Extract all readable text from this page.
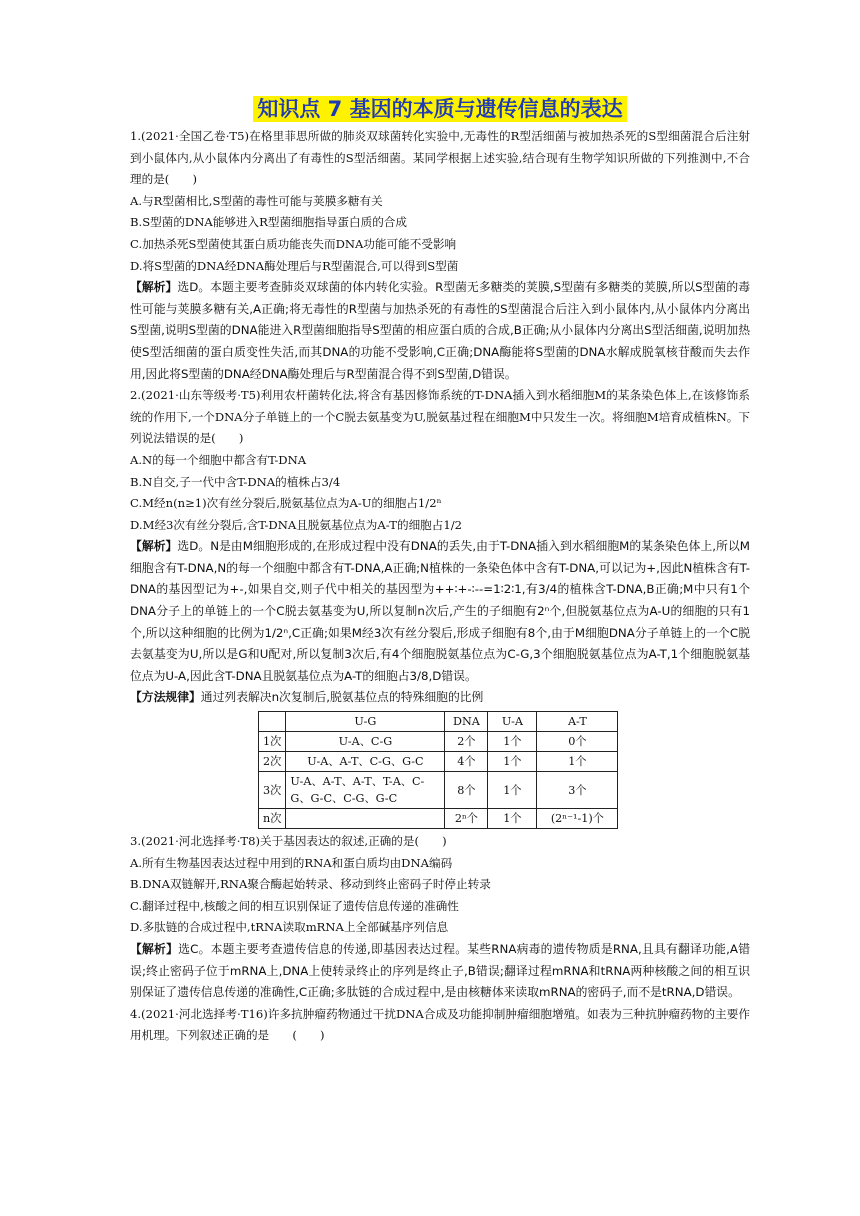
知识点 7 基因的本质与遗传信息的表达

1.(2021·全国乙卷·T5)在格里菲思所做的肺炎双球菌转化实验中,无毒性的R型活细菌与被加热杀死的S型细菌混合后注射到小鼠体内,从小鼠体内分离出了有毒性的S型活细菌。某同学根据上述实验,结合现有生物学知识所做的下列推测中,不合理的是(　　)

A.与R型菌相比,S型菌的毒性可能与荚膜多糖有关

B.S型菌的DNA能够进入R型菌细胞指导蛋白质的合成

C.加热杀死S型菌使其蛋白质功能丧失而DNA功能可能不受影响

D.将S型菌的DNA经DNA酶处理后与R型菌混合,可以得到S型菌

【解析】选D。本题主要考查肺炎双球菌的体内转化实验。R型菌无多糖类的荚膜,S型菌有多糖类的荚膜,所以S型菌的毒性可能与荚膜多糖有关,A正确;将无毒性的R型菌与加热杀死的有毒性的S型菌混合后注入到小鼠体内,从小鼠体内分离出S型菌,说明S型菌的DNA能进入R型菌细胞指导S型菌的相应蛋白质的合成,B正确;从小鼠体内分离出S型活细菌,说明加热使S型活细菌的蛋白质变性失活,而其DNA的功能不受影响,C正确;DNA酶能将S型菌的DNA水解成脱氧核苷酸而失去作用,因此将S型菌的DNA经DNA酶处理后与R型菌混合得不到S型菌,D错误。

2.(2021·山东等级考·T5)利用农杆菌转化法,将含有基因修饰系统的T-DNA插入到水稻细胞M的某条染色体上,在该修饰系统的作用下,一个DNA分子单链上的一个C脱去氨基变为U,脱氨基过程在细胞M中只发生一次。将细胞M培育成植株N。下列说法错误的是(　　)

A.N的每一个细胞中都含有T-DNA

B.N自交,子一代中含T-DNA的植株占3/4

C.M经n(n≥1)次有丝分裂后,脱氨基位点为A-U的细胞占1/2ⁿ

D.M经3次有丝分裂后,含T-DNA且脱氨基位点为A-T的细胞占1/2

【解析】选D。N是由M细胞形成的,在形成过程中没有DNA的丢失,由于T-DNA插入到水稻细胞M的某条染色体上,所以M细胞含有T-DNA,N的每一个细胞中都含有T-DNA,A正确;N植株的一条染色体中含有T-DNA,可以记为+,因此N植株含有T-DNA的基因型记为+-,如果自交,则子代中相关的基因型为++∶+-∶--=1∶2∶1,有3/4的植株含T-DNA,B正确;M中只有1个DNA分子上的单链上的一个C脱去氨基变为U,所以复制n次后,产生的子细胞有2ⁿ个,但脱氨基位点为A-U的细胞的只有1个,所以这种细胞的比例为1/2ⁿ,C正确;如果M经3次有丝分裂后,形成子细胞有8个,由于M细胞DNA分子单链上的一个C脱去氨基变为U,所以是G和U配对,所以复制3次后,有4个细胞脱氨基位点为C-G,3个细胞脱氨基位点为A-T,1个细胞脱氨基位点为U-A,因此含T-DNA且脱氨基位点为A-T的细胞占3/8,D错误。

【方法规律】通过列表解决n次复制后,脱氨基位点的特殊细胞的比例

	U-G	DNA	U-A	A-T
1次	U-A、C-G	2个	1个	0个
2次	U-A、A-T、C-G、G-C	4个	1个	1个
3次	U-A、A-T、A-T、T-A、C-G、G-C、C-G、G-C	8个	1个	3个
n次		2ⁿ个	1个	(2ⁿ⁻¹-1)个

3.(2021·河北选择考·T8)关于基因表达的叙述,正确的是(　　)

A.所有生物基因表达过程中用到的RNA和蛋白质均由DNA编码

B.DNA双链解开,RNA聚合酶起始转录、移动到终止密码子时停止转录

C.翻译过程中,核酸之间的相互识别保证了遗传信息传递的准确性

D.多肽链的合成过程中,tRNA读取mRNA上全部碱基序列信息

【解析】选C。本题主要考查遗传信息的传递,即基因表达过程。某些RNA病毒的遗传物质是RNA,且具有翻译功能,A错误;终止密码子位于mRNA上,DNA上使转录终止的序列是终止子,B错误;翻译过程mRNA和tRNA两种核酸之间的相互识别保证了遗传信息传递的准确性,C正确;多肽链的合成过程中,是由核糖体来读取mRNA的密码子,而不是tRNA,D错误。

4.(2021·河北选择考·T16)许多抗肿瘤药物通过干扰DNA合成及功能抑制肿瘤细胞增殖。如表为三种抗肿瘤药物的主要作用机理。下列叙述正确的是　　(　　)
